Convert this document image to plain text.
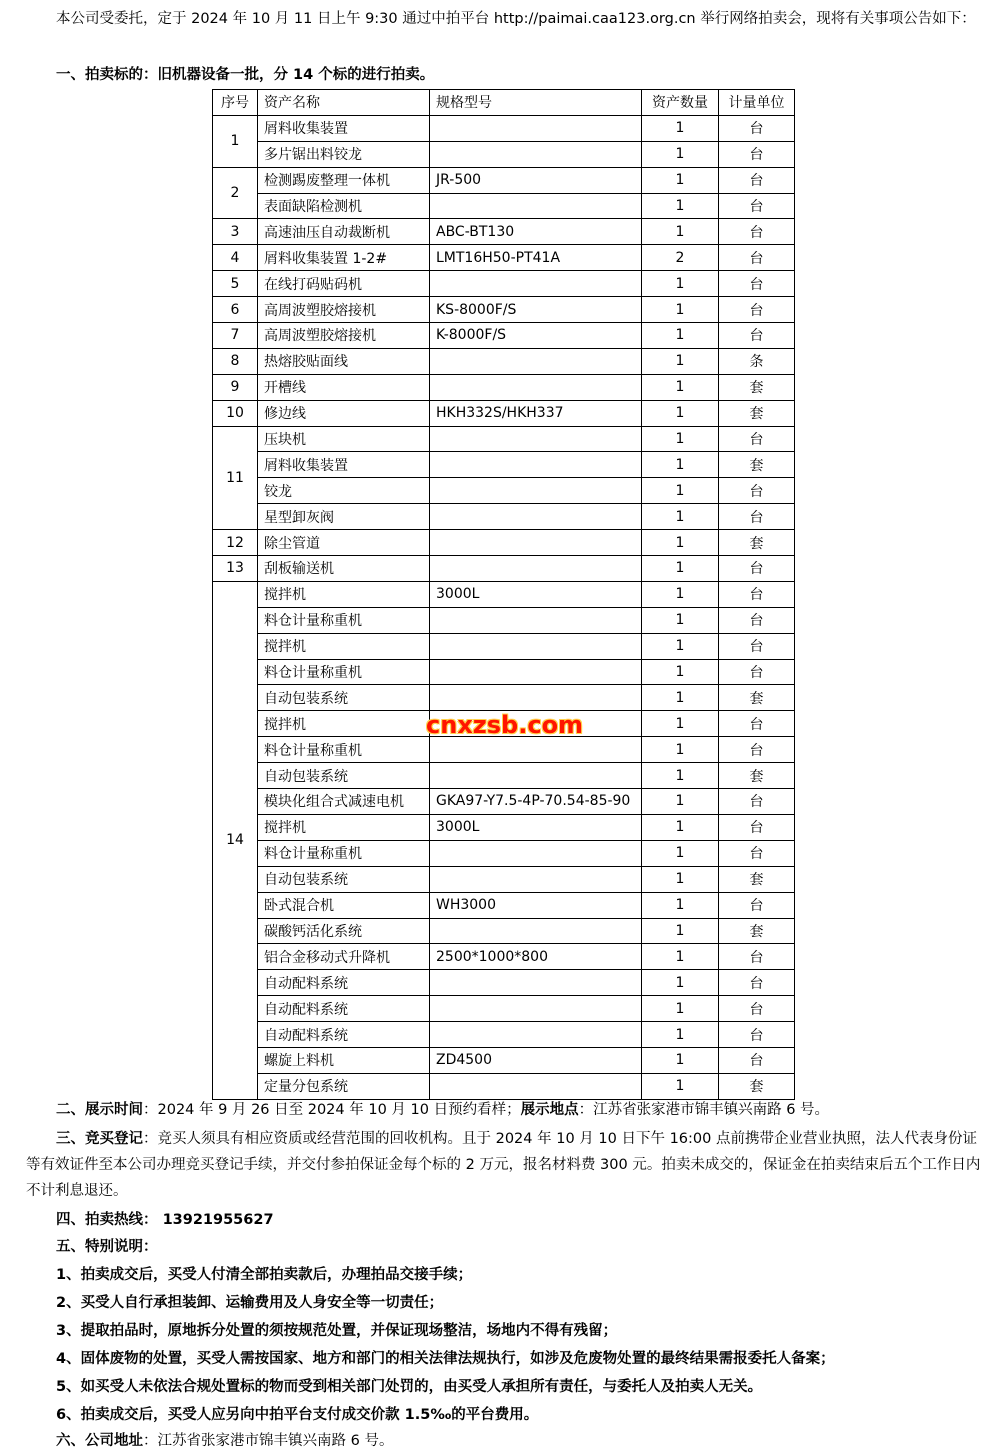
本公司受委托，定于 2024 年 10 月 11 日上午 9:30 通过中拍平台 http://paimai.caa123.org.cn 举行网络拍卖会，现将有关事项公告如下：

一、拍卖标的：旧机器设备一批，分 14 个标的进行拍卖。

序号	资产名称	规格型号	资产数量	计量单位
1	屑料收集装置		1	台
	多片锯出料铰龙		1	台
2	检测踢废整理一体机	JR-500	1	台
	表面缺陷检测机		1	台
3	高速油压自动裁断机	ABC-BT130	1	台
4	屑料收集装置 1-2#	LMT16H50-PT41A	2	台
5	在线打码贴码机		1	台
6	高周波塑胶熔接机	KS-8000F/S	1	台
7	高周波塑胶熔接机	K-8000F/S	1	台
8	热熔胶贴面线		1	条
9	开槽线		1	套
10	修边线	HKH332S/HKH337	1	套
11	压块机		1	台
	屑料收集装置		1	套
	铰龙		1	台
	星型卸灰阀		1	台
12	除尘管道		1	套
13	刮板输送机		1	台
14	搅拌机	3000L	1	台
	料仓计量称重机		1	台
	搅拌机		1	台
	料仓计量称重机		1	台
	自动包装系统		1	套
	搅拌机		1	台
	料仓计量称重机		1	台
	自动包装系统		1	套
	模块化组合式减速电机	GKA97-Y7.5-4P-70.54-85-90	1	台
	搅拌机	3000L	1	台
	料仓计量称重机		1	台
	自动包装系统		1	套
	卧式混合机	WH3000	1	台
	碳酸钙活化系统		1	套
	铝合金移动式升降机	2500*1000*800	1	台
	自动配料系统		1	台
	自动配料系统		1	台
	自动配料系统		1	台
	螺旋上料机	ZD4500	1	台
	定量分包系统		1	套
cnxzsb.com

二、展示时间：2024 年 9 月 26 日至 2024 年 10 月 10 日预约看样；展示地点：江苏省张家港市锦丰镇兴南路 6 号。

三、竞买登记：竞买人须具有相应资质或经营范围的回收机构。且于 2024 年 10 月 10 日下午 16:00 点前携带企业营业执照，法人代表身份证等有效证件至本公司办理竞买登记手续，并交付参拍保证金每个标的 2 万元，报名材料费 300 元。拍卖未成交的，保证金在拍卖结束后五个工作日内不计利息退还。

四、拍卖热线： 13921955627

五、特别说明：

1、拍卖成交后，买受人付清全部拍卖款后，办理拍品交接手续；

2、买受人自行承担装卸、运输费用及人身安全等一切责任；

3、提取拍品时，原地拆分处置的须按规范处置，并保证现场整洁，场地内不得有残留；

4、固体废物的处置，买受人需按国家、地方和部门的相关法律法规执行，如涉及危废物处置的最终结果需报委托人备案；

5、如买受人未依法合规处置标的物而受到相关部门处罚的，由买受人承担所有责任，与委托人及拍卖人无关。

6、拍卖成交后，买受人应另向中拍平台支付成交价款 1.5‰的平台费用。

六、公司地址：江苏省张家港市锦丰镇兴南路 6 号。
